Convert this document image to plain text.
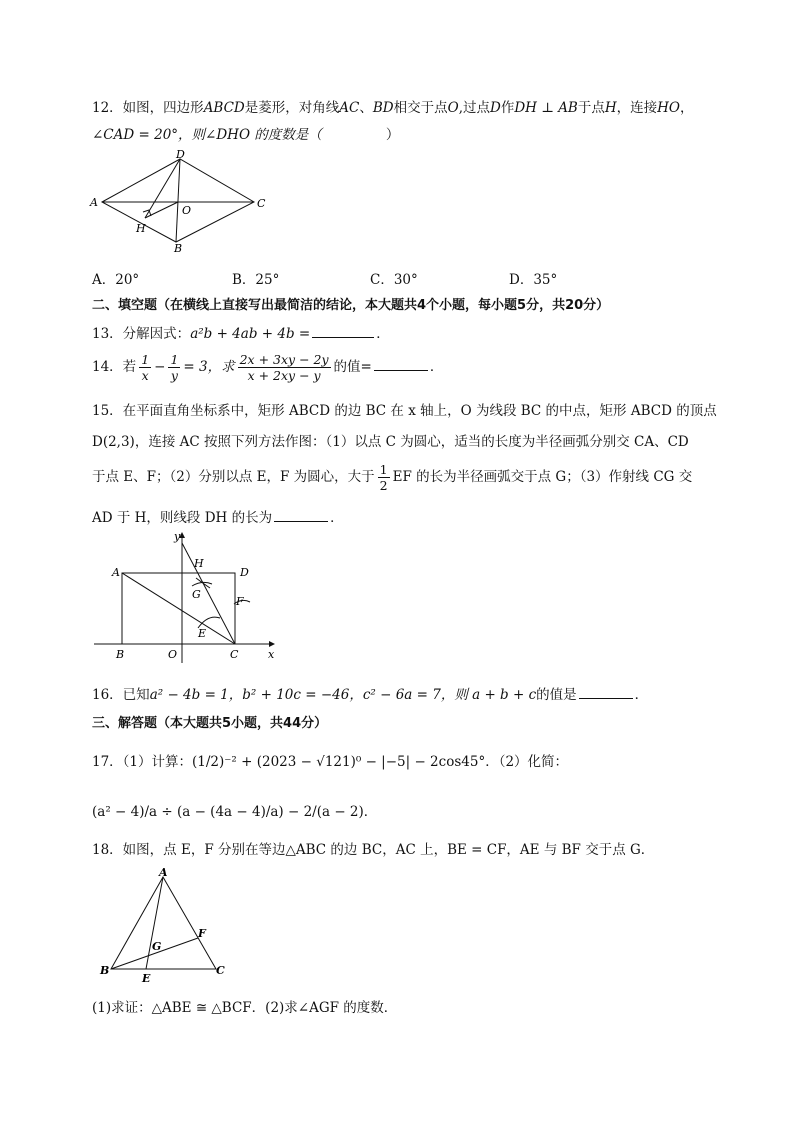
12．如图，四边形ABCD是菱形，对角线AC、BD相交于点O,过点D作DH ⊥ AB于点H，连接HO，
∠CAD = 20°，则∠DHO 的度数是（	）
A
D
C
B
O
H
A．20°	B．25°	C．30°	D．35°
二、填空题（在横线上直接写出最简洁的结论，本大题共4个小题，每小题5分，共20分）
13．分解因式：a²b + 4ab + 4b =	．
14．若 $\frac{1}{x} - \frac{1}{y} = 3$，求 $\frac{2x + 3xy - 2y}{x + 2xy - y}$ 的值=	．
15．在平面直角坐标系中，矩形 ABCD 的边 BC 在 x 轴上，O 为线段 BC 的中点，矩形 ABCD 的顶点
D(2,3)，连接 AC 按照下列方法作图：（1）以点 C 为圆心，适当的长度为半径画弧分别交 CA、CD
于点 E、F；（2）分别以点 E，F 为圆心，大于 $\frac{1}{2}$ EF 的长为半径画弧交于点 G；（3）作射线 CG 交
AD 于 H，则线段 DH 的长为	．
y
x
A	D
H
G
F
E
B	O	C
16．已知a² − 4b = 1，b² + 10c = −46，c² − 6a = 7，则 a + b + c的值是	．
三、解答题（本大题共5小题，共44分）
17．（1）计算：(1/2)⁻² + (2023 − √121)⁰ − |−5| − 2cos45°．（2）化简：
(a² − 4)/a ÷ (a − (4a − 4)/a) − 2/(a − 2)．
18．如图，点 E，F 分别在等边△ABC 的边 BC，AC 上，BE = CF，AE 与 BF 交于点 G．
A
B	C
E
F
G
(1)求证：△ABE ≅ △BCF．(2)求∠AGF 的度数．
